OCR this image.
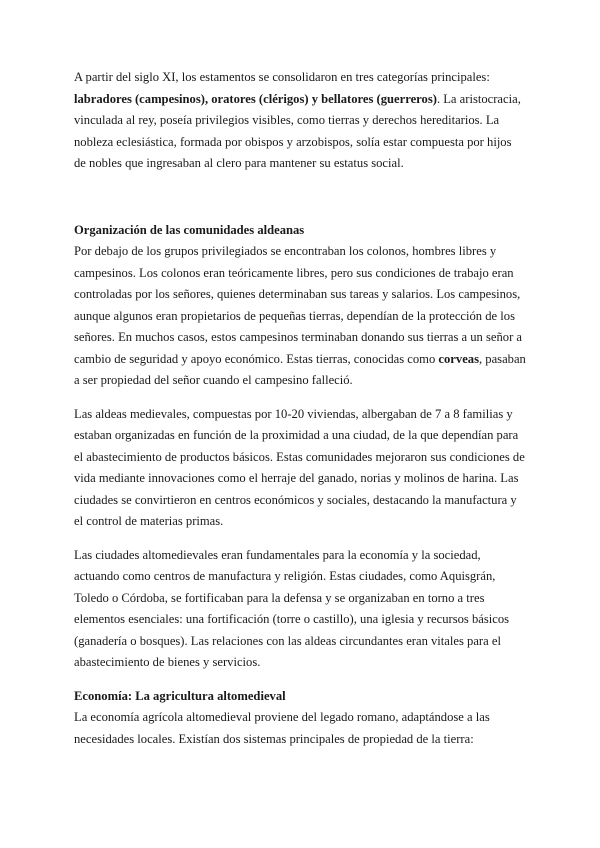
A partir del siglo XI, los estamentos se consolidaron en tres categorías principales: labradores (campesinos), oratores (clérigos) y bellatores (guerreros). La aristocracia, vinculada al rey, poseía privilegios visibles, como tierras y derechos hereditarios. La nobleza eclesiástica, formada por obispos y arzobispos, solía estar compuesta por hijos de nobles que ingresaban al clero para mantener su estatus social.

Organización de las comunidades aldeanas

Por debajo de los grupos privilegiados se encontraban los colonos, hombres libres y campesinos. Los colonos eran teóricamente libres, pero sus condiciones de trabajo eran controladas por los señores, quienes determinaban sus tareas y salarios. Los campesinos, aunque algunos eran propietarios de pequeñas tierras, dependían de la protección de los señores. En muchos casos, estos campesinos terminaban donando sus tierras a un señor a cambio de seguridad y apoyo económico. Estas tierras, conocidas como corveas, pasaban a ser propiedad del señor cuando el campesino falleció.

Las aldeas medievales, compuestas por 10-20 viviendas, albergaban de 7 a 8 familias y estaban organizadas en función de la proximidad a una ciudad, de la que dependían para el abastecimiento de productos básicos. Estas comunidades mejoraron sus condiciones de vida mediante innovaciones como el herraje del ganado, norias y molinos de harina. Las ciudades se convirtieron en centros económicos y sociales, destacando la manufactura y el control de materias primas.

Las ciudades altomedievales eran fundamentales para la economía y la sociedad, actuando como centros de manufactura y religión. Estas ciudades, como Aquisgrán, Toledo o Córdoba, se fortificaban para la defensa y se organizaban en torno a tres elementos esenciales: una fortificación (torre o castillo), una iglesia y recursos básicos (ganadería o bosques). Las relaciones con las aldeas circundantes eran vitales para el abastecimiento de bienes y servicios.

Economía: La agricultura altomedieval

La economía agrícola altomedieval proviene del legado romano, adaptándose a las necesidades locales. Existían dos sistemas principales de propiedad de la tierra:
